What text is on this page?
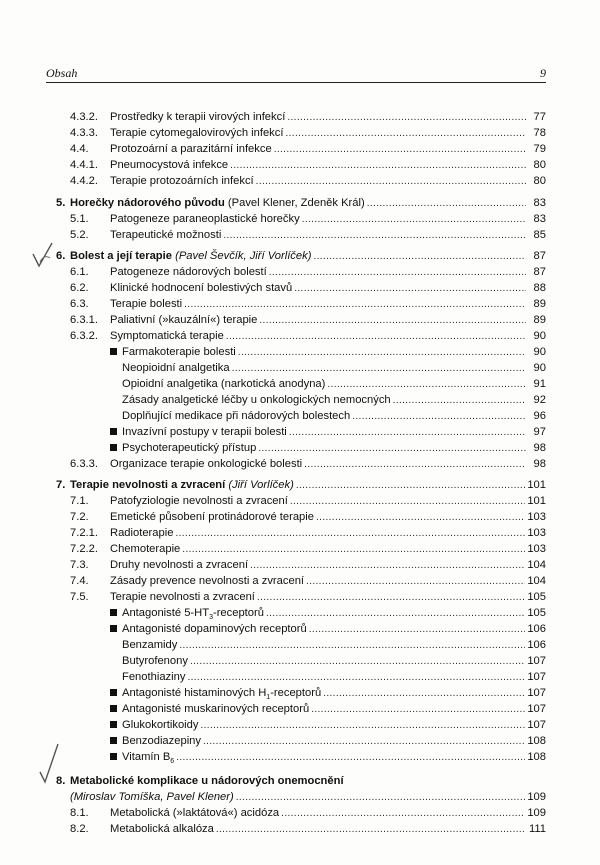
Obsah	9
4.3.2. Prostředky k terapii virových infekcí . . .	77
4.3.3. Terapie cytomegalovirových infekcí . . .	78
4.4. Protozoární a parazitární infekce . . .	79
4.4.1. Pneumocystová infekce . . .	80
4.4.2. Terapie protozoárních infekcí . . .	80
5. Horečky nádorového původu (Pavel Klener, Zdeněk Král) . . .	83
5.1. Patogeneze paraneoplastické horečky . . .	83
5.2. Terapeutické možnosti . . .	85
6. Bolest a její terapie (Pavel Ševčík, Jiří Vorlíček) . . .	87
6.1. Patogeneze nádorových bolestí . . .	87
6.2. Klinické hodnocení bolestivých stavů . . .	88
6.3. Terapie bolesti . . .	89
6.3.1. Paliativní (»kauzální«) terapie . . .	89
6.3.2. Symptomatická terapie . . .	90
Farmakoterapie bolesti . . .	90
Neopioidní analgetika . . .	90
Opioidní analgetika (narkotická anodyna) . . .	91
Zásady analgetické léčby u onkologických nemocných . . .	92
Doplňující medikace při nádorových bolestech . . .	96
Invazívní postupy v terapii bolesti . . .	97
Psychoterapeutický přístup . . .	98
6.3.3. Organizace terapie onkologické bolesti . . .	98
7. Terapie nevolnosti a zvracení (Jiří Vorlíček) . . .	101
7.1. Patofyziologie nevolnosti a zvracení . . .	101
7.2. Emetické působení protinádorové terapie . . .	103
7.2.1. Radioterapie . . .	103
7.2.2. Chemoterapie . . .	103
7.3. Druhy nevolnosti a zvracení . . .	104
7.4. Zásady prevence nevolnosti a zvracení . . .	104
7.5. Terapie nevolnosti a zvracení . . .	105
Antagonisté $5-HT_3$-receptorů . . .	105
Antagonisté dopaminových receptorů . . .	106
Benzamidy . . .	106
Butyrofenony . . .	107
Fenothiaziny . . .	107
Antagonisté histaminových $H_1$-receptorů . . .	107
Antagonisté muskarinových receptorů . . .	107
Glukokortikoidy . . .	107
Benzodiazepiny . . .	108
Vitamín $B_6$ . . .	108
8. Metabolické komplikace u nádorových onemocnění
(Miroslav Tomíška, Pavel Klener) . . .	109
8.1. Metabolická (»laktátová«) acidóza . . .	109
8.2. Metabolická alkalóza . . .	111
